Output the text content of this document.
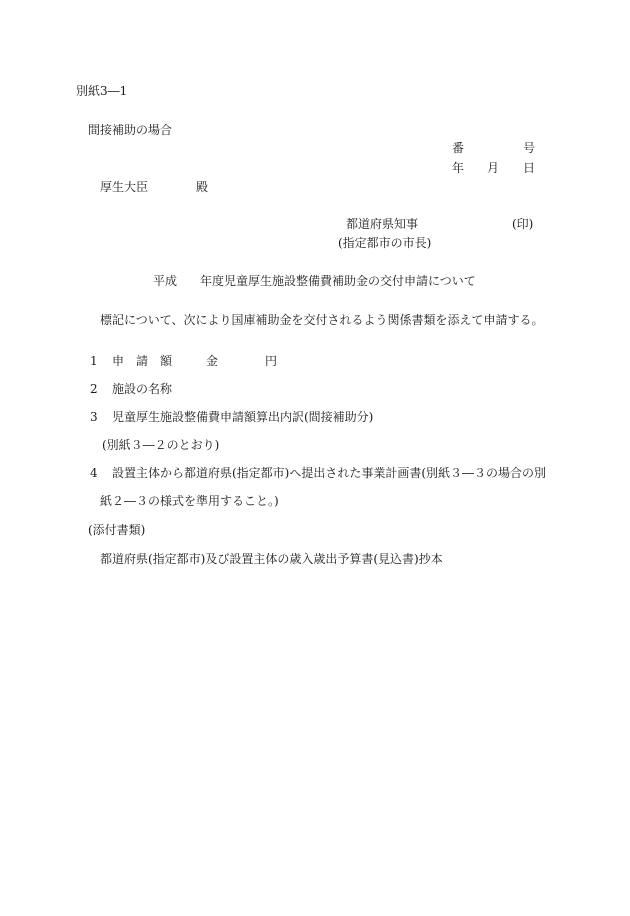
別紙3―1
間接補助の場合
番	号
年 月 日
厚生大臣	殿
都道府県知事	(印)
(指定都市の市長)
平成 年度児童厚生施設整備費補助金の交付申請について
標記について、次により国庫補助金を交付されるよう関係書類を添えて申請する。
1 申　請　額	金	円
2 施設の名称
3 児童厚生施設整備費申請額算出内訳(間接補助分)
(別紙３―２のとおり)
4 設置主体から都道府県(指定都市)へ提出された事業計画書(別紙３―３の場合の別
紙２―３の様式を準用すること。)
(添付書類)
都道府県(指定都市)及び設置主体の歳入歳出予算書(見込書)抄本
